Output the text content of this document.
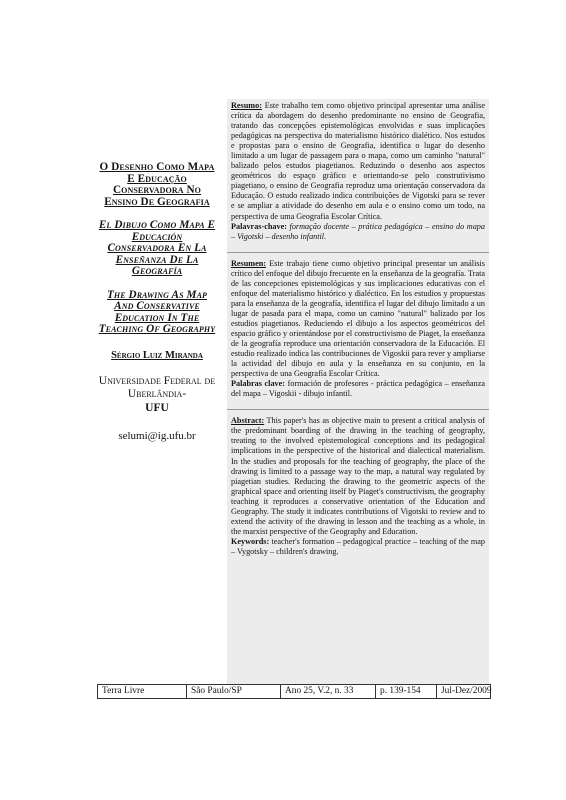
O Desenho Como Mapa E Educação Conservadora No Ensino De Geografia
El Dibujo Como Mapa E Educación Conservadora En La Enseñanza De La Geografía
The Drawing As Map And Conservative Education In The Teaching Of Geography
Sérgio Luiz Miranda
Universidade Federal de Uberlândia-
UFU
selumi@ig.ufu.br

Resumo: Este trabalho tem como objetivo principal apresentar uma análise crítica da abordagem do desenho predominante no ensino de Geografia, tratando das concepções epistemológicas envolvidas e suas implicações pedagógicas na perspectiva do materialismo histórico dialético. Nos estudos e propostas para o ensino de Geografia, identifica o lugar do desenho limitado a um lugar de passagem para o mapa, como um caminho "natural" balizado pelos estudos piagetianos. Reduzindo o desenho aos aspectos geométricos do espaço gráfico e orientando-se pelo construtivismo piagetiano, o ensino de Geografia reproduz uma orientação conservadora da Educação. O estudo realizado indica contribuições de Vigotski para se rever e se ampliar a atividade do desenho em aula e o ensino como um todo, na perspectiva de uma Geografia Escolar Crítica.

Palavras-chave: formação docente – prática pedagógica – ensino do mapa – Vigotski – desenho infantil.

Resumen: Este trabajo tiene como objetivo principal presentar un análisis crítico del enfoque del dibujo frecuente en la enseñanza de la geografía. Trata de las concepciones epistemológicas y sus implicaciones educativas con el enfoque del materialismo histórico y dialéctico. En los estudios y propuestas para la enseñanza de la geografía, identifica el lugar del dibujo limitado a un lugar de pasada para el mapa, como un camino "natural" balizado por los estudios piagetianos. Reduciendo el dibujo a los aspectos geométricos del espacio gráfico y orientándose por el constructivismo de Piaget, la enseñanza de la geografía reproduce una orientación conservadora de la Educación. El estudio realizado indica las contribuciones de Vigoskii para rever y ampliarse la actividad del dibujo en aula y la enseñanza en su conjunto, en la perspectiva de una Geografía Escolar Crítica.

Palabras clave: formación de profesores - práctica pedagógica – enseñanza del mapa – Vigoskii - dibujo infantil.

Abstract: This paper's has as objective main to present a critical analysis of the predominant boarding of the drawing in the teaching of geography, treating to the involved epistemological conceptions and its pedagogical implications in the perspective of the historical and dialectical materialism. In the studies and proposals for the teaching of geography, the place of the drawing is limited to a passage way to the map, a natural way regulated by piagetian studies. Reducing the drawing to the geometric aspects of the graphical space and orienting itself by Piaget's constructivism, the geography teaching it reproduces a conservative orientation of the Education and Geography. The study it indicates contributions of Vigotski to review and to extend the activity of the drawing in lesson and the teaching as a whole, in the marxist perspective of the Geography and Education.

Keywords: teacher's formation – pedagogical practice – teaching of the map – Vygotsky – children's drawing.
Terra Livre	São Paulo/SP	Ano 25, V.2, n. 33	p. 139-154	Jul-Dez/2009
